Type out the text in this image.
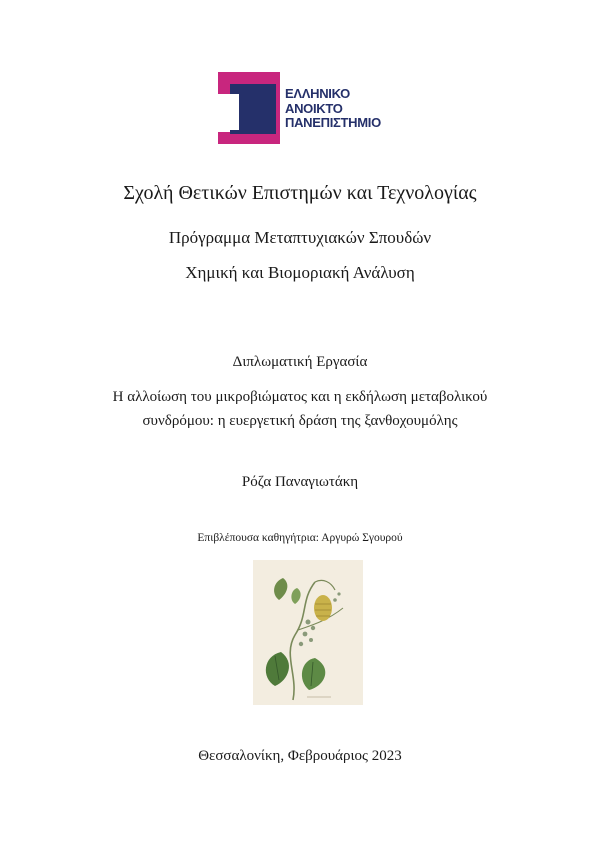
ΕΛΛΗΝΙΚΟ
ΑΝΟΙΚΤΟ
ΠΑΝΕΠΙΣΤΗΜΙΟ
Σχολή Θετικών Επιστημών και Τεχνολογίας
Πρόγραμμα Μεταπτυχιακών Σπουδών
Χημική και Βιομοριακή Ανάλυση
Διπλωματική Εργασία
Η αλλοίωση του μικροβιώματος και η εκδήλωση μεταβολικού
συνδρόμου: η ευεργετική δράση της ξανθοχουμόλης
Ρόζα Παναγιωτάκη
Επιβλέπουσα καθηγήτρια: Αργυρώ Σγουρού
Θεσσαλονίκη, Φεβρουάριος 2023
